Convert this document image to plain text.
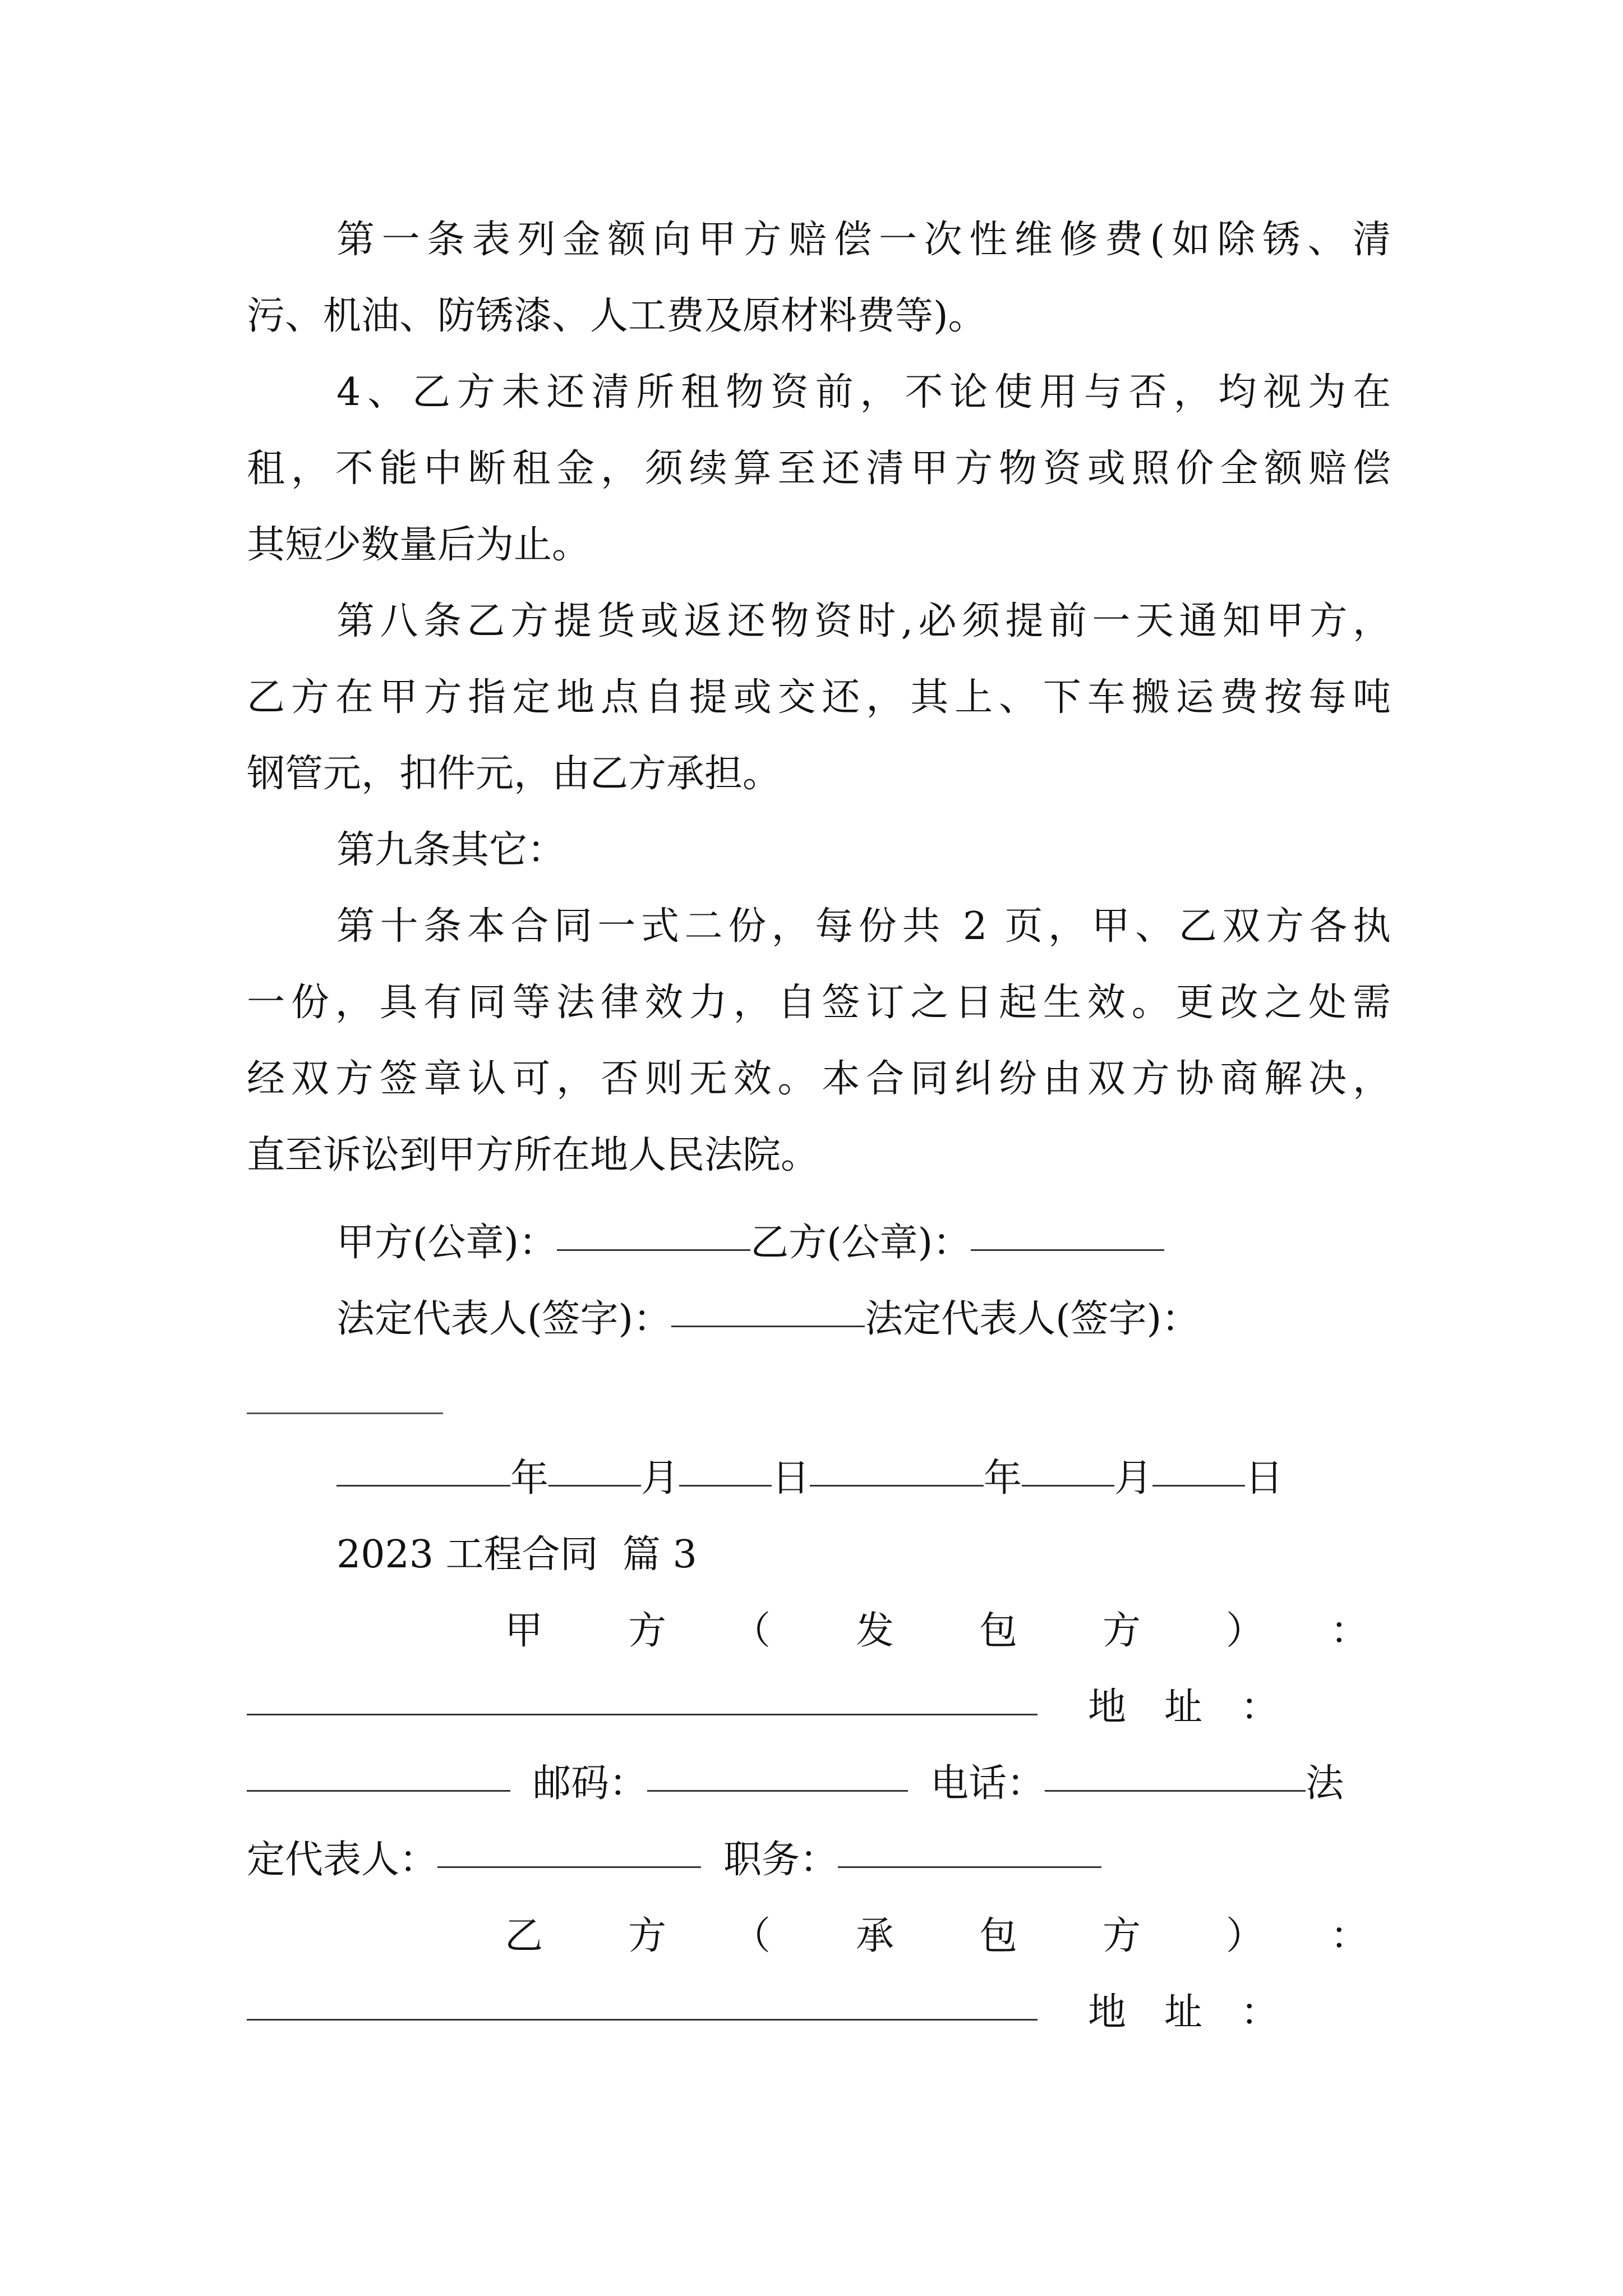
第一条表列金额向甲方赔偿一次性维修费(如除锈、清
污、机油、防锈漆、人工费及原材料费等)。
4、乙方未还清所租物资前，不论使用与否，均视为在
租，不能中断租金，须续算至还清甲方物资或照价全额赔偿
其短少数量后为止。
第八条乙方提货或返还物资时,必须提前一天通知甲方，
乙方在甲方指定地点自提或交还，其上、下车搬运费按每吨
钢管元，扣件元，由乙方承担。
第九条其它：
第十条本合同一式二份，每份共 2 页，甲、乙双方各执
一份，具有同等法律效力，自签订之日起生效。更改之处需
经双方签章认可，否则无效。本合同纠纷由双方协商解决，
直至诉讼到甲方所在地人民法院。
甲方(公章)：	乙方(公章)：
法定代表人(签字)：	法定代表人(签字)：
年 月 日	年 月 日
2023 工程合同  篇 3
甲　方　（　发　包　方　）　：
地　址　：
邮码：	电话：	法
定代表人：	职务：
乙　方　（　承　包　方　）　：
地　址　：
